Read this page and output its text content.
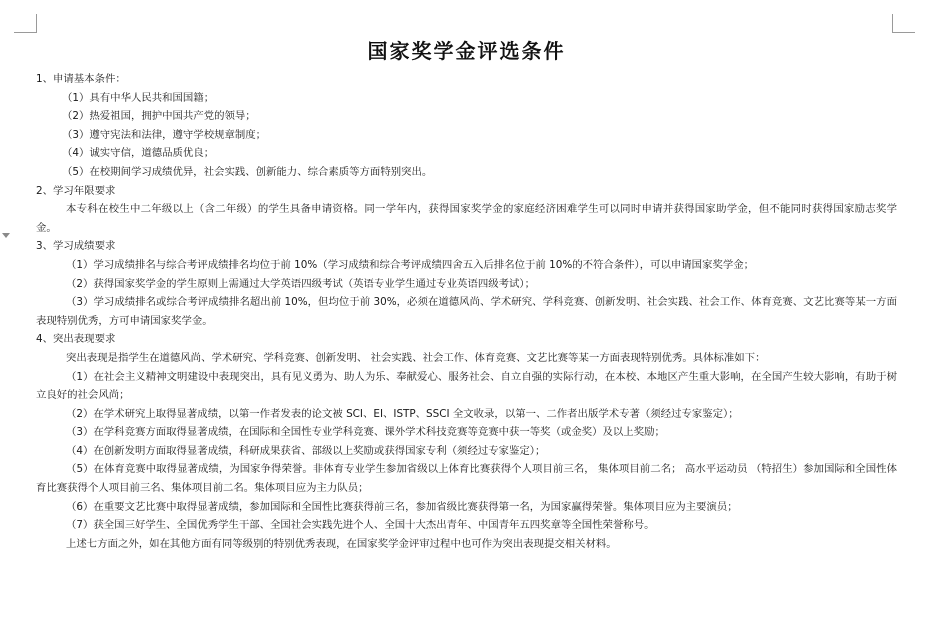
国家奖学金评选条件
1、申请基本条件：
（1）具有中华人民共和国国籍；
（2）热爱祖国，拥护中国共产党的领导；
（3）遵守宪法和法律，遵守学校规章制度；
（4）诚实守信，道德品质优良；
（5）在校期间学习成绩优异，社会实践、创新能力、综合素质等方面特别突出。
2、学习年限要求
本专科在校生中二年级以上（含二年级）的学生具备申请资格。同一学年内，获得国家奖学金的家庭经济困难学生可以同时申请并获得国家助学金，但不能同时获得国家励志奖学金。
3、学习成绩要求
（1）学习成绩排名与综合考评成绩排名均位于前 10%（学习成绩和综合考评成绩四舍五入后排名位于前 10%的不符合条件），可以申请国家奖学金；
（2）获得国家奖学金的学生原则上需通过大学英语四级考试（英语专业学生通过专业英语四级考试）；
（3）学习成绩排名或综合考评成绩排名超出前 10%，但均位于前 30%，必须在道德风尚、学术研究、学科竞赛、创新发明、社会实践、社会工作、体育竞赛、文艺比赛等某一方面表现特别优秀，方可申请国家奖学金。
4、突出表现要求
突出表现是指学生在道德风尚、学术研究、学科竞赛、创新发明、 社会实践、社会工作、体育竞赛、文艺比赛等某一方面表现特别优秀。具体标准如下：
（1）在社会主义精神文明建设中表现突出，具有见义勇为、助人为乐、奉献爱心、服务社会、自立自强的实际行动，在本校、本地区产生重大影响，在全国产生较大影响，有助于树立良好的社会风尚；
（2）在学术研究上取得显著成绩，以第一作者发表的论文被 SCI、EI、ISTP、SSCI 全文收录，以第一、二作者出版学术专著（须经过专家鉴定）；
（3）在学科竞赛方面取得显著成绩，在国际和全国性专业学科竞赛、课外学术科技竞赛等竞赛中获一等奖（或金奖）及以上奖励；
（4）在创新发明方面取得显著成绩，科研成果获省、部级以上奖励或获得国家专利（须经过专家鉴定）；
（5）在体育竞赛中取得显著成绩，为国家争得荣誉。非体育专业学生参加省级以上体育比赛获得个人项目前三名， 集体项目前二名； 高水平运动员 （特招生）参加国际和全国性体育比赛获得个人项目前三名、集体项目前二名。集体项目应为主力队员；
（6）在重要文艺比赛中取得显著成绩，参加国际和全国性比赛获得前三名，参加省级比赛获得第一名，为国家赢得荣誉。集体项目应为主要演员；
（7）获全国三好学生、全国优秀学生干部、全国社会实践先进个人、全国十大杰出青年、中国青年五四奖章等全国性荣誉称号。
上述七方面之外，如在其他方面有同等级别的特别优秀表现，在国家奖学金评审过程中也可作为突出表现提交相关材料。
